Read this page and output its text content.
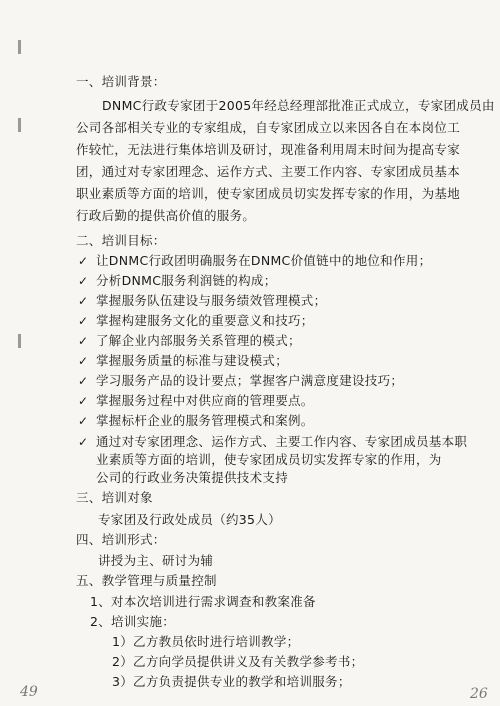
一、培训背景：
DNMC行政专家团于2005年经总经理部批准正式成立，专家团成员由
公司各部相关专业的专家组成，自专家团成立以来因各自在本岗位工
作较忙，无法进行集体培训及研讨，现准备利用周末时间为提高专家
团，通过对专家团理念、运作方式、主要工作内容、专家团成员基本
职业素质等方面的培训，使专家团成员切实发挥专家的作用，为基地
行政后勤的提供高价值的服务。
二、培训目标：
✓ 让DNMC行政团明确服务在DNMC价值链中的地位和作用；
✓ 分析DNMC服务利润链的构成；
✓ 掌握服务队伍建设与服务绩效管理模式；
✓ 掌握构建服务文化的重要意义和技巧；
✓ 了解企业内部服务关系管理的模式；
✓ 掌握服务质量的标准与建设模式；
✓ 学习服务产品的设计要点；掌握客户满意度建设技巧；
✓ 掌握服务过程中对供应商的管理要点。
✓ 掌握标杆企业的服务管理模式和案例。
✓ 通过对专家团理念、运作方式、主要工作内容、专家团成员基本职
业素质等方面的培训，使专家团成员切实发挥专家的作用，为
公司的行政业务决策提供技术支持
三、培训对象
专家团及行政处成员（约35人）
四、培训形式：
讲授为主、研讨为辅
五、教学管理与质量控制
1、对本次培训进行需求调查和教案准备
2、培训实施：
1）乙方教员依时进行培训教学；
2）乙方向学员提供讲义及有关教学参考书；
3）乙方负责提供专业的教学和培训服务；
49	26
